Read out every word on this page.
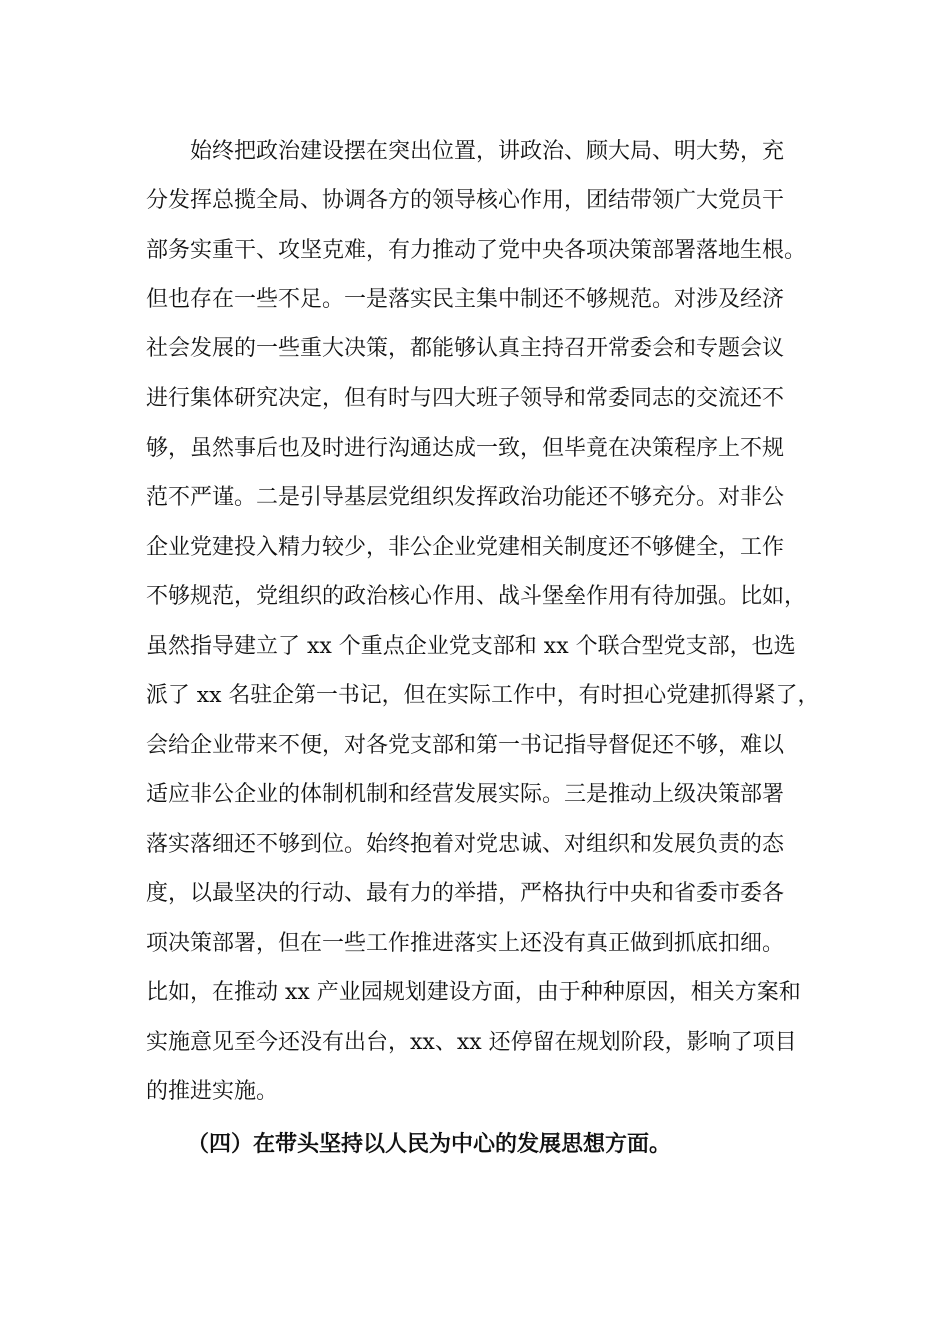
始终把政治建设摆在突出位置，讲政治、顾大局、明大势，充
分发挥总揽全局、协调各方的领导核心作用，团结带领广大党员干
部务实重干、攻坚克难，有力推动了党中央各项决策部署落地生根。
但也存在一些不足。一是落实民主集中制还不够规范。对涉及经济
社会发展的一些重大决策，都能够认真主持召开常委会和专题会议
进行集体研究决定，但有时与四大班子领导和常委同志的交流还不
够，虽然事后也及时进行沟通达成一致，但毕竟在决策程序上不规
范不严谨。二是引导基层党组织发挥政治功能还不够充分。对非公
企业党建投入精力较少，非公企业党建相关制度还不够健全，工作
不够规范，党组织的政治核心作用、战斗堡垒作用有待加强。比如，
虽然指导建立了 xx 个重点企业党支部和 xx 个联合型党支部，也选
派了 xx 名驻企第一书记，但在实际工作中，有时担心党建抓得紧了，
会给企业带来不便，对各党支部和第一书记指导督促还不够，难以
适应非公企业的体制机制和经营发展实际。三是推动上级决策部署
落实落细还不够到位。始终抱着对党忠诚、对组织和发展负责的态
度，以最坚决的行动、最有力的举措，严格执行中央和省委市委各
项决策部署，但在一些工作推进落实上还没有真正做到抓底扣细。
比如，在推动 xx 产业园规划建设方面，由于种种原因，相关方案和
实施意见至今还没有出台，xx、xx 还停留在规划阶段，影响了项目
的推进实施。
（四）在带头坚持以人民为中心的发展思想方面。
